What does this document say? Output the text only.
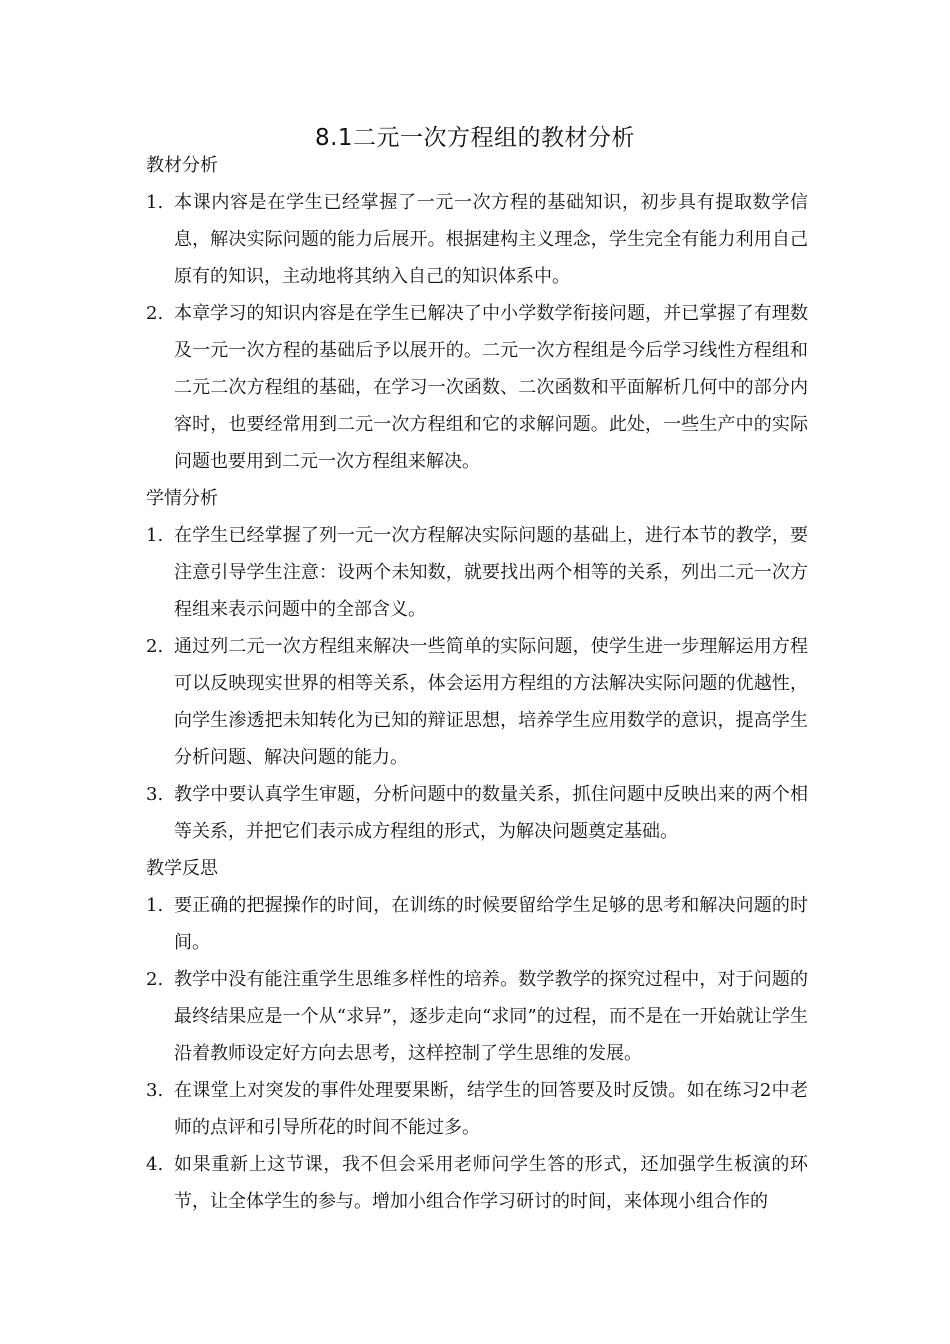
8.1二元一次方程组的教材分析
教材分析
1. 本课内容是在学生已经掌握了一元一次方程的基础知识，初步具有提取数学信息，解决实际问题的能力后展开。根据建构主义理念，学生完全有能力利用自己原有的知识，主动地将其纳入自己的知识体系中。
2. 本章学习的知识内容是在学生已解决了中小学数学衔接问题，并已掌握了有理数及一元一次方程的基础后予以展开的。二元一次方程组是今后学习线性方程组和二元二次方程组的基础，在学习一次函数、二次函数和平面解析几何中的部分内容时，也要经常用到二元一次方程组和它的求解问题。此处，一些生产中的实际问题也要用到二元一次方程组来解决。
学情分析
1. 在学生已经掌握了列一元一次方程解决实际问题的基础上，进行本节的教学，要注意引导学生注意：设两个未知数，就要找出两个相等的关系，列出二元一次方程组来表示问题中的全部含义。
2. 通过列二元一次方程组来解决一些简单的实际问题，使学生进一步理解运用方程可以反映现实世界的相等关系，体会运用方程组的方法解决实际问题的优越性，向学生渗透把未知转化为已知的辩证思想，培养学生应用数学的意识，提高学生分析问题、解决问题的能力。
3. 教学中要认真学生审题，分析问题中的数量关系，抓住问题中反映出来的两个相等关系，并把它们表示成方程组的形式，为解决问题奠定基础。
教学反思
1. 要正确的把握操作的时间，在训练的时候要留给学生足够的思考和解决问题的时间。
2. 教学中没有能注重学生思维多样性的培养。数学教学的探究过程中，对于问题的最终结果应是一个从“求异”，逐步走向“求同”的过程，而不是在一开始就让学生沿着教师设定好方向去思考，这样控制了学生思维的发展。
3. 在课堂上对突发的事件处理要果断，结学生的回答要及时反馈。如在练习2中老师的点评和引导所花的时间不能过多。
4. 如果重新上这节课，我不但会采用老师问学生答的形式，还加强学生板演的环节，让全体学生的参与。增加小组合作学习研讨的时间，来体现小组合作的
